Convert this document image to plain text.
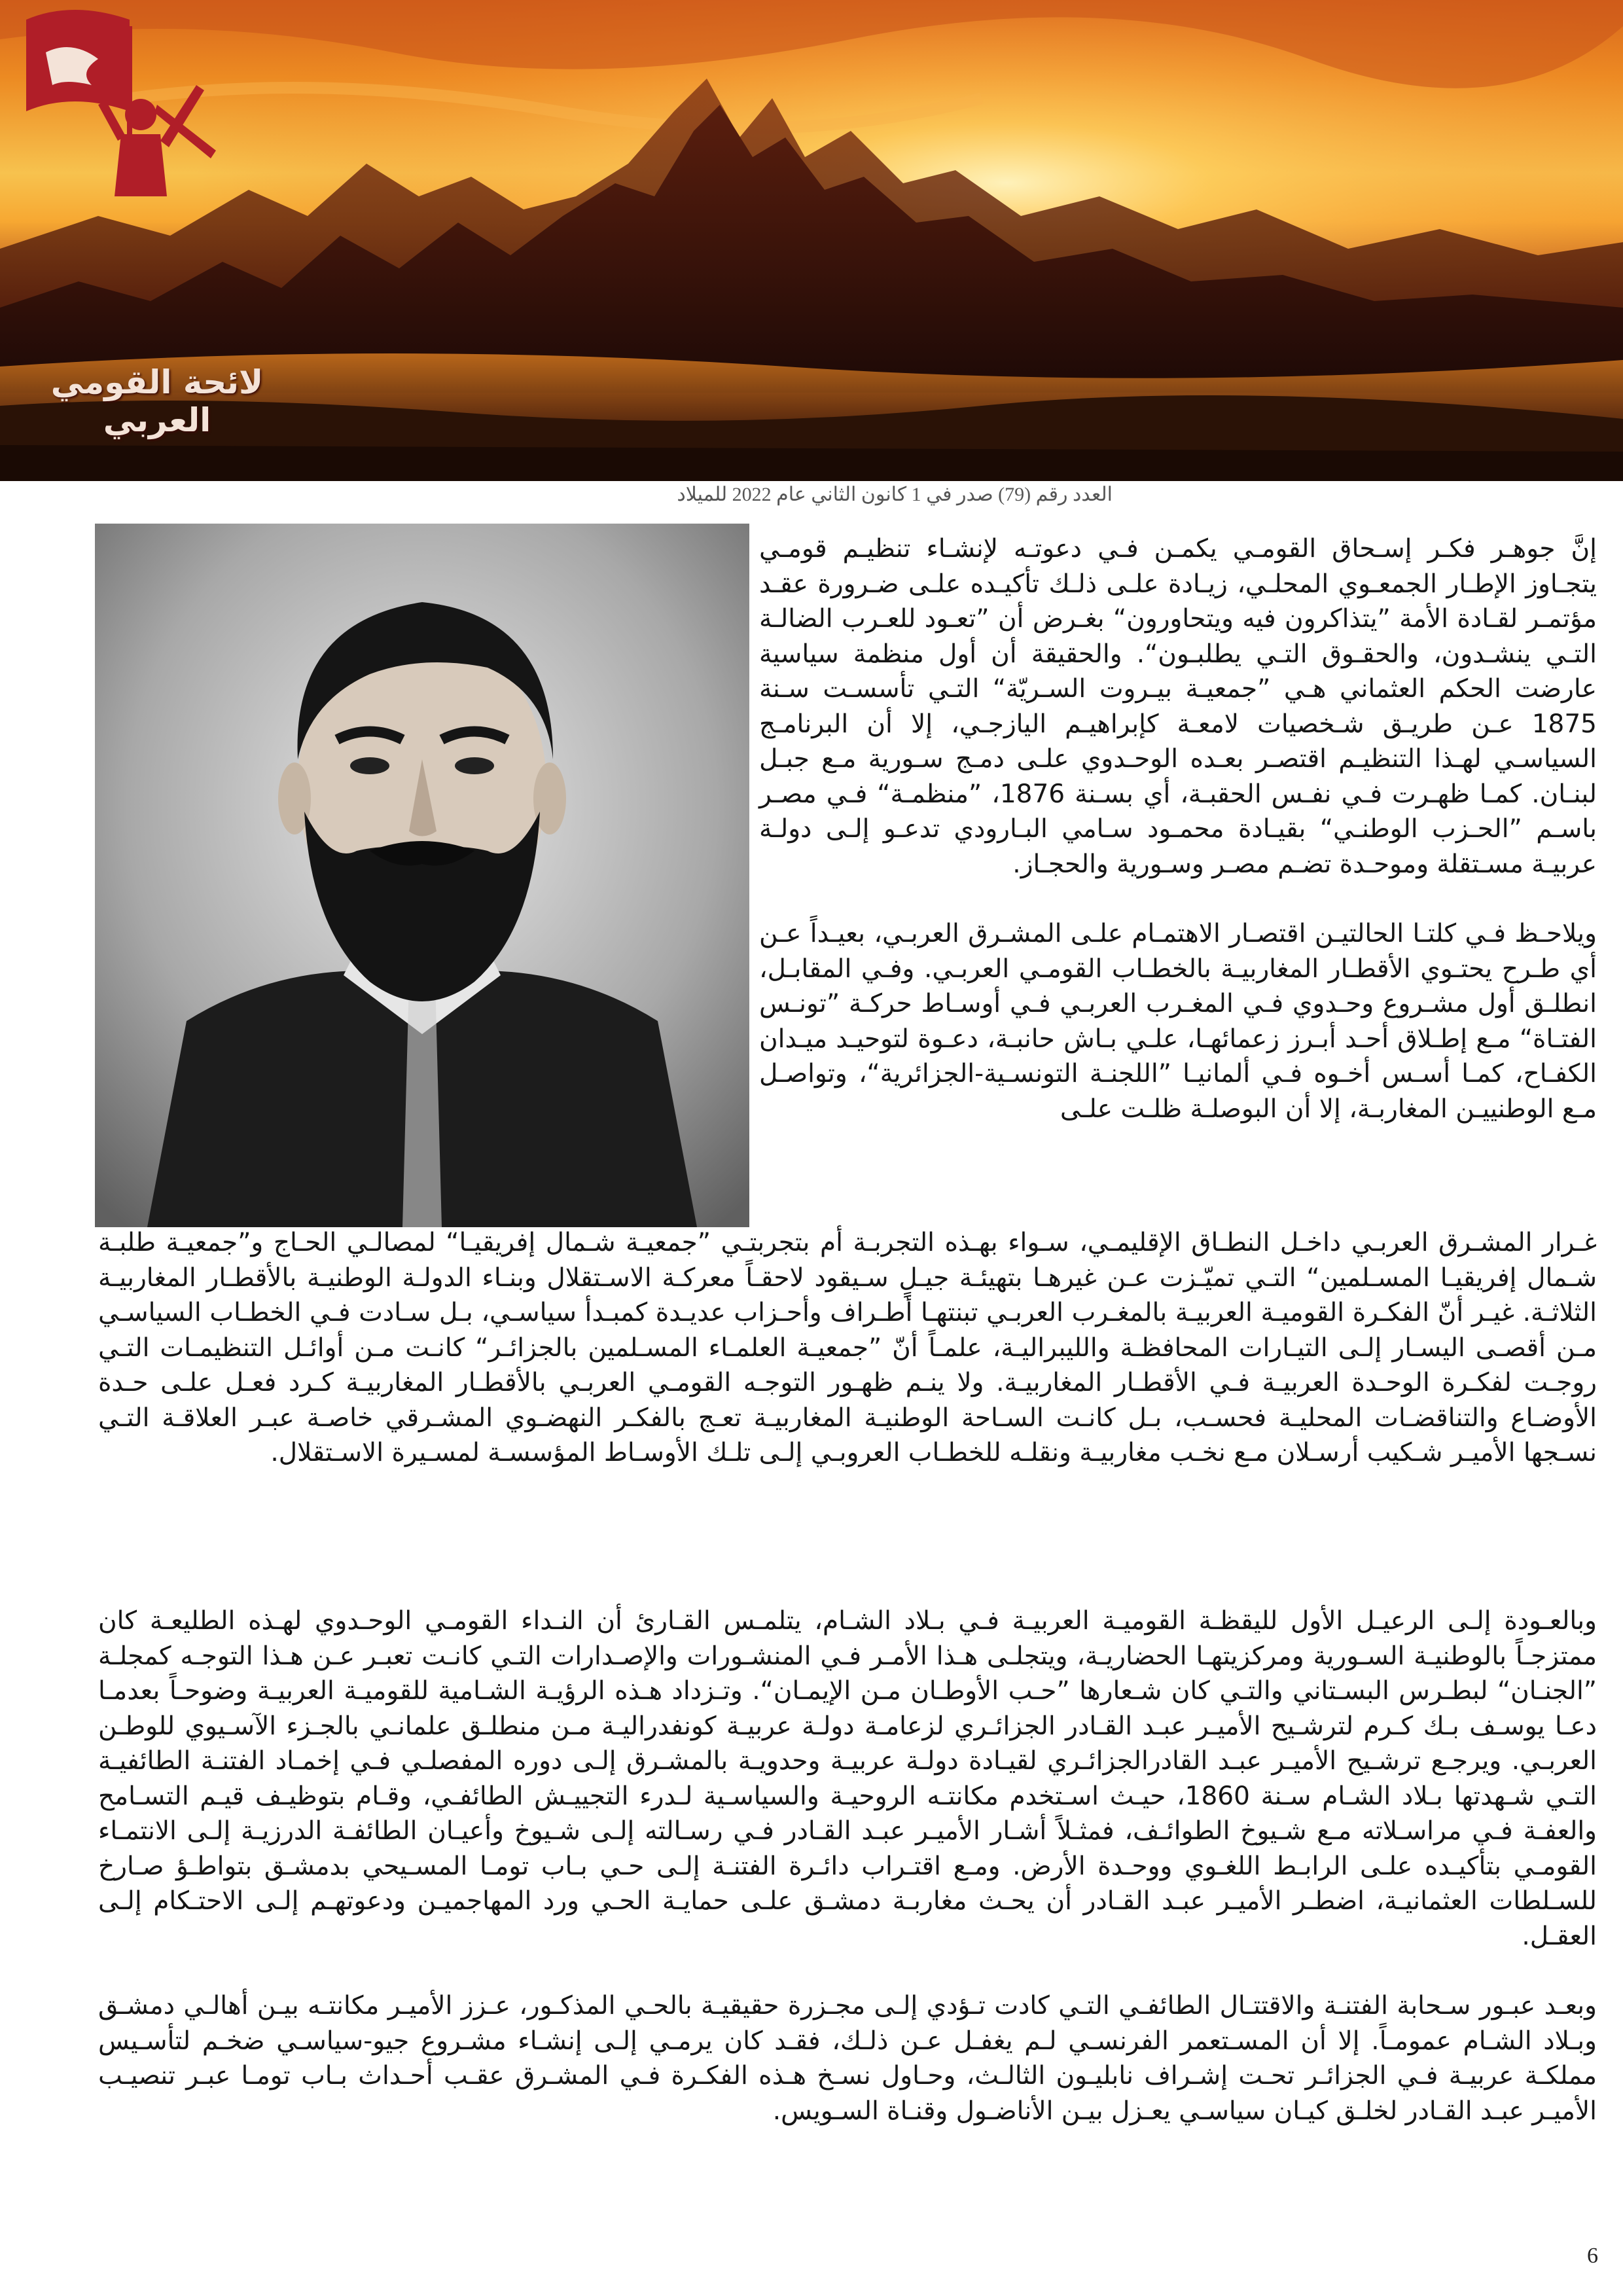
لائحة القومي العربي
العدد رقم (79) صدر في 1 كانون الثاني عام 2022 للميلاد

إنَّ جوهـر فكـر إسـحاق القومـي يكمـن فـي دعوتـه لإنشـاء تنظيـم قومـي يتجـاوز الإطـار الجمعـوي المحلـي، زيـادة علـى ذلـك تأكيـده علـى ضـرورة عقـد مؤتمـر لقـادة الأمة ”يتذاكرون فيه ويتحاورون“ بغـرض أن ”تعـود للعـرب الضالـة التـي ينشـدون، والحقـوق التـي يطلبـون“. والحقيقة أن أول منظمة سياسية عارضت الحكم العثماني هـي ”جمعيـة بيـروت السـريّة“ التـي تأسسـت سـنة 1875 عـن طريـق شـخصيات لامعـة كإبراهيـم اليازجـي، إلا أن البرنامـج السياسـي لهـذا التنظيـم اقتصـر بعـده الوحـدوي علـى دمـج سـورية مـع جبـل لبنـان. كمـا ظهـرت فـي نفـس الحقبـة، أي بسـنة 1876، ”منظمـة“ فـي مصـر باسـم ”الحـزب الوطنـي“ بقيـادة محمـود سـامي البـارودي تدعـو إلـى دولـة عربيـة مسـتقلة وموحـدة تضـم مصـر وسـورية والحجـاز.

ويلاحـظ فـي كلتـا الحالتيـن اقتصـار الاهتمـام علـى المشـرق العربـي، بعيـداً عـن أي طـرح يحتـوي الأقطـار المغاربيـة بالخطـاب القومـي العربـي. وفـي المقابـل، انطلـق أول مشـروع وحـدوي فـي المغـرب العربـي فـي أوسـاط حركـة ”تونـس الفتـاة“ مـع إطـلاق أحـد أبـرز زعمائهـا، علـي بـاش حانبـة، دعـوة لتوحيـد ميـدان الكفـاح، كمـا أسـس أخـوه فـي ألمانيـا ”اللجنـة التونسـية-الجزائرية“، وتواصـل مـع الوطنييـن المغاربـة، إلا أن البوصلـة ظلـت علـى

غـرار المشـرق العربـي داخـل النطـاق الإقليمـي، سـواء بهـذه التجربـة أم بتجربتـي ”جمعيـة شـمال إفريقيـا“ لمصالـي الحـاج و”جمعيـة طلبـة شـمال إفريقيـا المسـلمين“ التـي تميّـزت عـن غيرهـا بتهيئـة جيـلٍ سـيقود لاحقـاً معركـة الاسـتقلال وبنـاء الدولـة الوطنيـة بالأقطـار المغاربيـة الثلاثـة. غيـر أنّ الفكـرة القوميـة العربيـة بالمغـرب العربـي تبنتهـا أطـراف وأحـزاب عديـدة كمبـدأ سياسـي، بـل سـادت فـي الخطـاب السياسـي مـن أقصـى اليسـار إلـى التيـارات المحافظـة والليبراليـة، علمـاً أنّ ”جمعيـة العلمـاء المسـلمين بالجزائـر“ كانـت مـن أوائـل التنظيمـات التـي روجـت لفكـرة الوحـدة العربيـة فـي الأقطـار المغاربيـة. ولا ينـم ظهـور التوجـه القومـي العربـي بالأقطـار المغاربيـة كـرد فعـل علـى حـدة الأوضـاع والتناقضـات المحليـة فحسـب، بـل كانـت السـاحة الوطنيـة المغاربيـة تعـج بالفكـر النهضـوي المشـرقي خاصـة عبـر العلاقـة التـي نسـجها الأميـر شـكيب أرسـلان مـع نخـب مغاربيـة ونقلـه للخطـاب العروبـي إلـى تلـك الأوسـاط المؤسسـة لمسـيرة الاسـتقلال.

وبالعـودة إلـى الرعيـل الأول لليقظـة القوميـة العربيـة فـي بـلاد الشـام، يتلمـس القـارئ أن النـداء القومـي الوحـدوي لهـذه الطليعـة كان ممتزجـاً بالوطنيـة السـورية ومركزيتهـا الحضاريـة، ويتجلـى هـذا الأمـر فـي المنشـورات والإصـدارات التـي كانـت تعبـر عـن هـذا التوجـه كمجلـة ”الجنـان“ لبطـرس البسـتاني والتـي كان شـعارها ”حـب الأوطـان مـن الإيمـان“. وتـزداد هـذه الرؤيـة الشـامية للقوميـة العربيـة وضوحـاً بعدمـا دعـا يوسـف بـك كـرم لترشـيح الأميـر عبـد القـادر الجزائـري لزعامـة دولـة عربيـة كونفدراليـة مـن منطلـق علمانـي بالجـزء الآسـيوي للوطـن العربـي. ويرجـع ترشـيح الأميـر عبـد القادرالجزائـري لقيـادة دولـة عربيـة وحدويـة بالمشـرق إلـى دوره المفصلـي فـي إخمـاد الفتنـة الطائفيـة التـي شـهدتها بـلاد الشـام سـنة 1860، حيـث اسـتخدم مكانتـه الروحيـة والسياسـية لـدرء التجييـش الطائفـي، وقـام بتوظيـف قيـم التسـامح والعفـة فـي مراسـلاته مـع شـيوخ الطوائـف، فمثـلاً أشـار الأميـر عبـد القـادر فـي رسـالته إلـى شـيوخ وأعيـان الطائفـة الدرزيـة إلـى الانتمـاء القومـي بتأكيـده علـى الرابـط اللغـوي ووحـدة الأرض. ومـع اقتـراب دائـرة الفتنـة إلـى حـي بـاب تومـا المسـيحي بدمشـق بتواطـؤ صـارخ للسـلطات العثمانيـة، اضطـر الأميـر عبـد القـادر أن يحـث مغاربـة دمشـق علـى حمايـة الحـي ورد المهاجميـن ودعوتهـم إلـى الاحتـكام إلـى العقـل.

وبعـد عبـور سـحابة الفتنـة والاقتتـال الطائفـي التـي كادت تـؤدي إلـى مجـزرة حقيقيـة بالحـي المذكـور، عـزز الأميـر مكانتـه بيـن أهالـي دمشـق وبـلاد الشـام عمومـاً. إلا أن المسـتعمر الفرنسـي لـم يغفـل عـن ذلـك، فقـد كان يرمـي إلـى إنشـاء مشـروع جيو-سياسـي ضخـم لتأسـيس مملكـة عربيـة فـي الجزائـر تحـت إشـراف نابليـون الثالـث، وحـاول نسـخ هـذه الفكـرة فـي المشـرق عقـب أحـداث بـاب تومـا عبـر تنصيـب الأميـر عبـد القـادر لخلـق كيـان سياسـي يعـزل بيـن الأناضـول وقنـاة السـويس.

6
